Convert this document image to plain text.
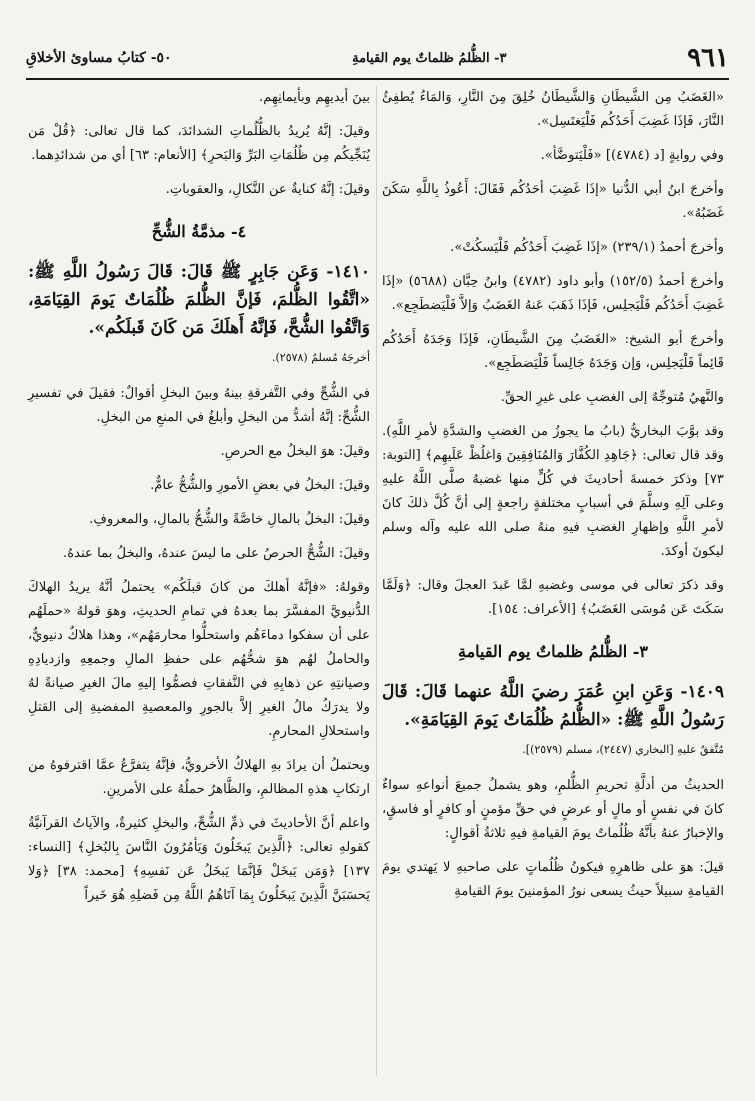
٩٦١
٣- الظُّلمُ ظلماتٌ يوم القيامةِ
٥٠- كتابُ مساوئ الأخلاقِ

«الغَضَبُ مِن الشَّيطَانِ وَالشَّيطَانُ خُلِقَ مِنَ النَّارِ، وَالمَاءُ يُطفِئُ النَّارَ، فَإذَا غَضِبَ أَحَدُكُم فَلْيَغتَسِل».

وفي روايةٍ [د (٤٧٨٤)] «فَلْيَتوضَّأ».

وأخرجَ ابنُ أبي الدُّنيا «إذَا غَضِبَ أحَدُكُم فَقَالَ: أَعُوذُ بِاللَّهِ سَكَنَ غَضَبُهُ».

وأخرجَ أحمدُ (٢٣٩/١) «إذَا غَضِبَ أَحَدُكُم فَلْيَسكُتْ».

وأخرجَ أحمدُ (١٥٢/٥) وأبو داود (٤٧٨٢) وابنُ حِبَّان (٥٦٨٨) «إذَا غَضِبَ أَحَدُكُم فَلْيَجلِس، فَإذَا ذَهَبَ عَنهُ الغَضَبُ وَإلاَّ فَلْيَضطَجِع».

وأخرجَ أبو الشيخ: «الغَضَبُ مِنَ الشَّيطَانِ، فَإذَا وَجَدَهُ أَحَدُكُم قَائِماً فَلْيَجلِس، وَإن وَجَدَهُ جَالِساً فَلْيَضطَجِع».

والنَّهيُ مُتوجِّهٌ إلى الغضبِ على غيرِ الحقِّ.

وقد بوَّبَ البخاريُّ (بابُ ما يجوزُ من الغضبِ والشدَّةِ لأمرِ اللَّهِ). وقد قال تعالى: ﴿جَاهِدِ الكُفَّارَ وَالمُنَافِقِينَ وَاغلُظْ عَلَيهِم﴾ [التوبة: ٧٣] وذكرَ خمسةَ أحاديثَ في كُلٍّ منها غضبهُ صلَّى اللَّهُ عليهِ وعلى آلِهِ وسلَّمَ في أسبابٍ مختلفةٍ راجعةٍ إلى أنَّ كُلَّ ذلكَ كانَ لأمرِ اللَّهِ وإظهارِ الغضبِ فيهِ منهُ صلى الله عليه وآله وسلم ليكونَ أوكدَ.

وقد ذكرَ تعالى في موسى وغضبهِ لمَّا عَبدَ العجلَ وقال: ﴿وَلَمَّا سَكَتَ عَن مُوسَى الغَضَبُ﴾ [الأعراف: ١٥٤].

٣- الظُّلمُ ظلماتٌ يوم القيامةِ

١٤٠٩- وَعَنِ ابنِ عُمَرَ رضيَ اللَّهُ عنهما قَالَ: قَالَ رَسُولُ اللَّهِ ﷺ: «الظُّلمُ ظُلُمَاتٌ يَومَ القِيَامَةِ».

مُتَّفقٌ عليهِ [البخاري (٢٤٤٧)، مسلم (٢٥٧٩)].

الحديثُ من أدلَّةِ تحريمِ الظُّلمِ، وهو يشملُ جميعَ أنواعهِ سواءٌ كانَ في نفسٍ أو مالٍ أو عرضٍ في حقِّ مؤمنٍ أو كافرٍ أو فاسقٍ، والإخبارُ عنهُ بأنَّهُ ظُلُماتٌ يومَ القيامةِ فيهِ ثلاثةُ أقوالٍ:

قيلَ: هوَ على ظاهرِهِ فيكونُ ظُلُماتٍ على صاحبهِ لا يَهتدي يومَ القيامةِ سبيلاً حيثُ يسعى نورُ المؤمنينَ يومَ القيامةِ

بينَ أيديهِم وبأيمانِهِم.

وقيلَ: إنَّهُ يُريدُ بالظُّلُماتِ الشدائدَ، كما قال تعالى: ﴿قُلْ مَن يُنَجِّيكُم مِن ظُلُمَاتِ البَرِّ وَالبَحرِ﴾ [الأنعام: ٦٣] أي من شدائدِهما.

وقيلَ: إنَّهُ كنايةٌ عن النَّكالِ، والعقوباتِ.

٤- مذمَّةُ الشُّحِّ

١٤١٠- وَعَن جَابِرٍ ﷺ قَالَ: قَالَ رَسُولُ اللَّهِ ﷺ: «اتَّقُوا الظُّلمَ، فَإنَّ الظُّلمَ ظُلُمَاتٌ يَومَ القِيَامَةِ، وَاتَّقُوا الشُّحَّ، فَإنَّهُ أَهلَكَ مَن كَانَ قَبلَكُم».

أخرجَهُ مُسلمٌ (٢٥٧٨).

في الشُّحِّ وفي التَّفرقةِ بينهُ وبينَ البخلِ أقوالٌ: فقيلَ في تفسيرِ الشُّحِّ: إنَّهُ أشدُّ من البخلِ وأبلغُ في المنعِ من البخلِ.

وقيلَ: هوَ البخلُ مع الحرصِ.

وقيلَ: البخلُ في بعضِ الأمورِ والشُّحُّ عامٌّ.

وقيلَ: البخلُ بالمالِ خاصَّةً والشُّحُّ بالمالِ، والمعروفِ.

وقيلَ: الشُّحُّ الحرصُ على ما ليسَ عندهُ، والبخلُ بما عندهُ.

وقولهُ: «فإنَّهُ أهلكَ من كانَ قبلَكُم» يحتملُ أنَّهُ يريدُ الهلاكَ الدُّنيويَّ المفسَّرَ بما بعدهُ في تمامِ الحديثِ، وهوَ قولهُ «حملَهُم على أن سفكوا دماءَهُم واستحلُّوا محارمَهُم»، وهذا هلاكٌ دنيويٌّ، والحاملُ لهُم هوَ شحُّهُم على حفظِ المالِ وجمعِهِ وازديادِهِ وصيانتِهِ عن ذهابِهِ في النَّفقاتِ فصمُّوا إليهِ مالَ الغيرِ صيانةً لهُ ولا يدرَكُ مالُ الغيرِ إلاَّ بالجورِ والمعصيةِ المفضيةِ إلى القتلِ واستحلالِ المحارمِ.

ويحتملُ أن يرادَ بهِ الهلاكُ الأخرويُّ، فإنَّهُ يتفرَّعُ عمَّا اقترفوهُ من ارتكابِ هذهِ المظالمِ، والظَّاهرُ حملُهُ على الأمرينِ.

واعلم أنَّ الأحاديثَ في ذمِّ الشُّحِّ، والبخلِ كثيرةٌ، والآياتُ القرآنيَّةُ كقولهِ تعالى: ﴿الَّذِينَ يَبخَلُونَ وَيَأمُرُونَ النَّاسَ بِالبُخلِ﴾ [النساء: ١٣٧] ﴿وَمَن يَبخَلْ فَإنَّمَا يَبخَلُ عَن نَفسِهِ﴾ [محمد: ٣٨] ﴿وَلا يَحسَبَنَّ الَّذِينَ يَبخَلُونَ بِمَا آتَاهُمُ اللَّهُ مِن فَضلِهِ هُوَ خَيراً
